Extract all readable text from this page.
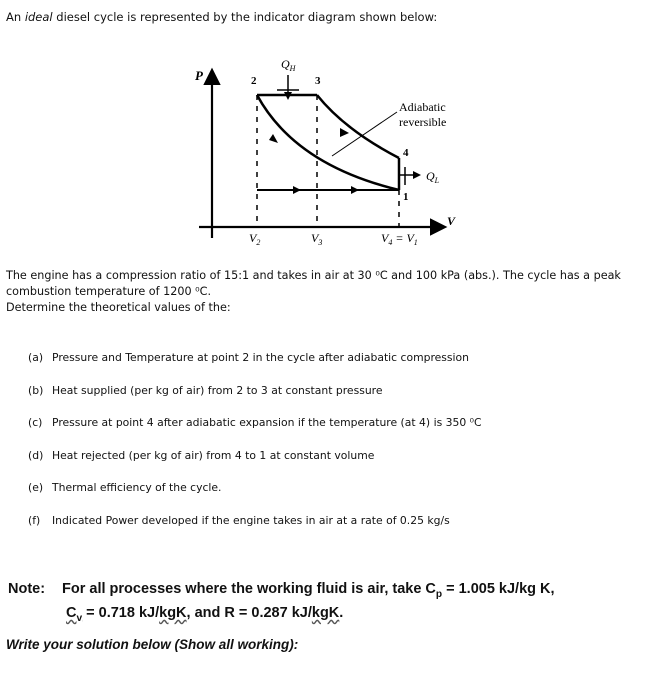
An ideal diesel cycle is represented by the indicator diagram shown below:
P
V
$Q_H$
$Q_L$
Adiabatic
reversible
2	3
4
1
$V_2$	$V_3$	$V_4 = V_1$
The engine has a compression ratio of 15:1 and takes in air at 30 ⁰C and 100 kPa (abs.). The cycle has a peak
combustion temperature of 1200 ⁰C.
Determine the theoretical values of the:
(a) Pressure and Temperature at point 2 in the cycle after adiabatic compression
(b) Heat supplied (per kg of air) from 2 to 3 at constant pressure
(c) Pressure at point 4 after adiabatic expansion if the temperature (at 4) is 350 ⁰C
(d) Heat rejected (per kg of air) from 4 to 1 at constant volume
(e) Thermal efficiency of the cycle.
(f)	Indicated Power developed if the engine takes in air at a rate of 0.25 kg/s
Note:	For all processes where the working fluid is air, take $C_p = 1.005$ kJ/kg K,
$C_v = 0.718$ kJ/kgK, and R = 0.287 kJ/kgK.
Write your solution below (Show all working):
